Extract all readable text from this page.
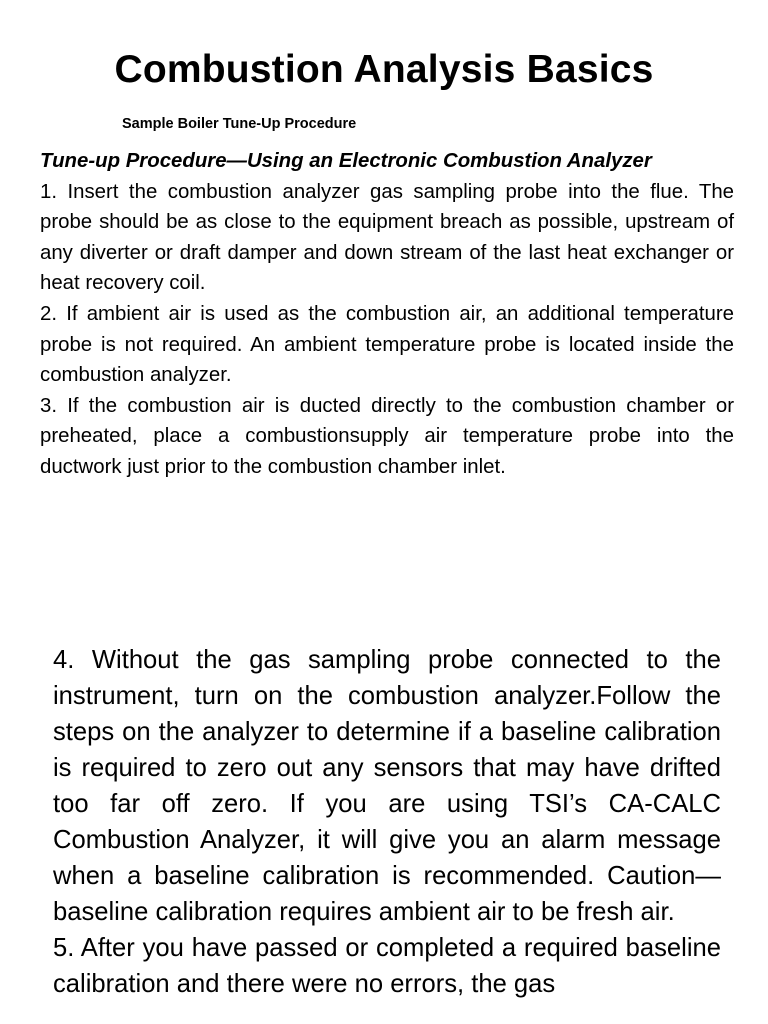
Combustion Analysis Basics
Sample Boiler Tune-Up Procedure

Tune-up Procedure—Using an Electronic Combustion Analyzer

1. Insert the combustion analyzer gas sampling probe into the flue. The probe should be as close to the equipment breach as possible, upstream of any diverter or draft damper and down stream of the last heat exchanger or heat recovery coil.

2. If ambient air is used as the combustion air, an additional temperature probe is not required. An ambient temperature probe is located inside the combustion analyzer.

3. If the combustion air is ducted directly to the combustion chamber or preheated, place a combustionsupply air temperature probe into the ductwork just prior to the combustion chamber inlet.

4. Without the gas sampling probe connected to the instrument, turn on the combustion analyzer.Follow the steps on the analyzer to determine if a baseline calibration is required to zero out any sensors that may have drifted too far off zero. If you are using TSI’s CA-CALC Combustion Analyzer, it will give you an alarm message when a baseline calibration is recommended. Caution—baseline calibration requires ambient air to be fresh air.

5. After you have passed or completed a required baseline calibration and there were no errors, the gas
